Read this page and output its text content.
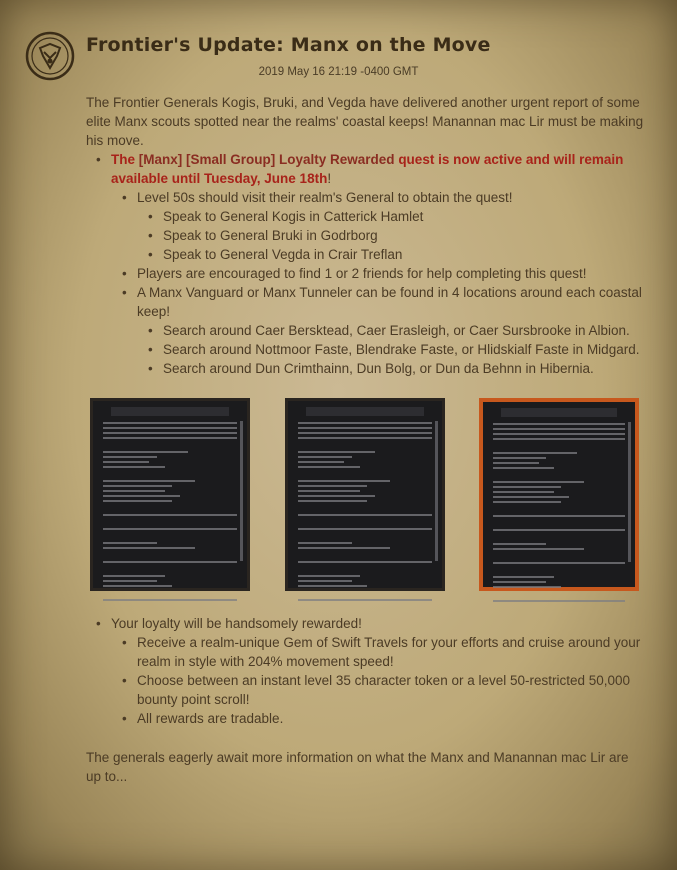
Frontier's Update: Manx on the Move
2019 May 16 21:19 -0400 GMT

The Frontier Generals Kogis, Bruki, and Vegda have delivered another urgent report of some elite Manx scouts spotted near the realms' coastal keeps! Manannan mac Lir must be making his move.

• The [Manx] [Small Group] Loyalty Rewarded quest is now active and will remain available until Tuesday, June 18th!
• Level 50s should visit their realm's General to obtain the quest!
• Speak to General Kogis in Catterick Hamlet
• Speak to General Bruki in Godrborg
• Speak to General Vegda in Crair Treflan
• Players are encouraged to find 1 or 2 friends for help completing this quest!
• A Manx Vanguard or Manx Tunneler can be found in 4 locations around each coastal keep!
• Search around Caer Bersktead, Caer Erasleigh, or Caer Sursbrooke in Albion.
• Search around Nottmoor Faste, Blendrake Faste, or Hlidskialf Faste in Midgard.
• Search around Dun Crimthainn, Dun Bolg, or Dun da Behnn in Hibernia.
• Your loyalty will be handsomely rewarded!
• Receive a realm-unique Gem of Swift Travels for your efforts and cruise around your realm in style with 204% movement speed!
• Choose between an instant level 35 character token or a level 50-restricted 50,000 bounty point scroll!
• All rewards are tradable.

The generals eagerly await more information on what the Manx and Manannan mac Lir are up to...
